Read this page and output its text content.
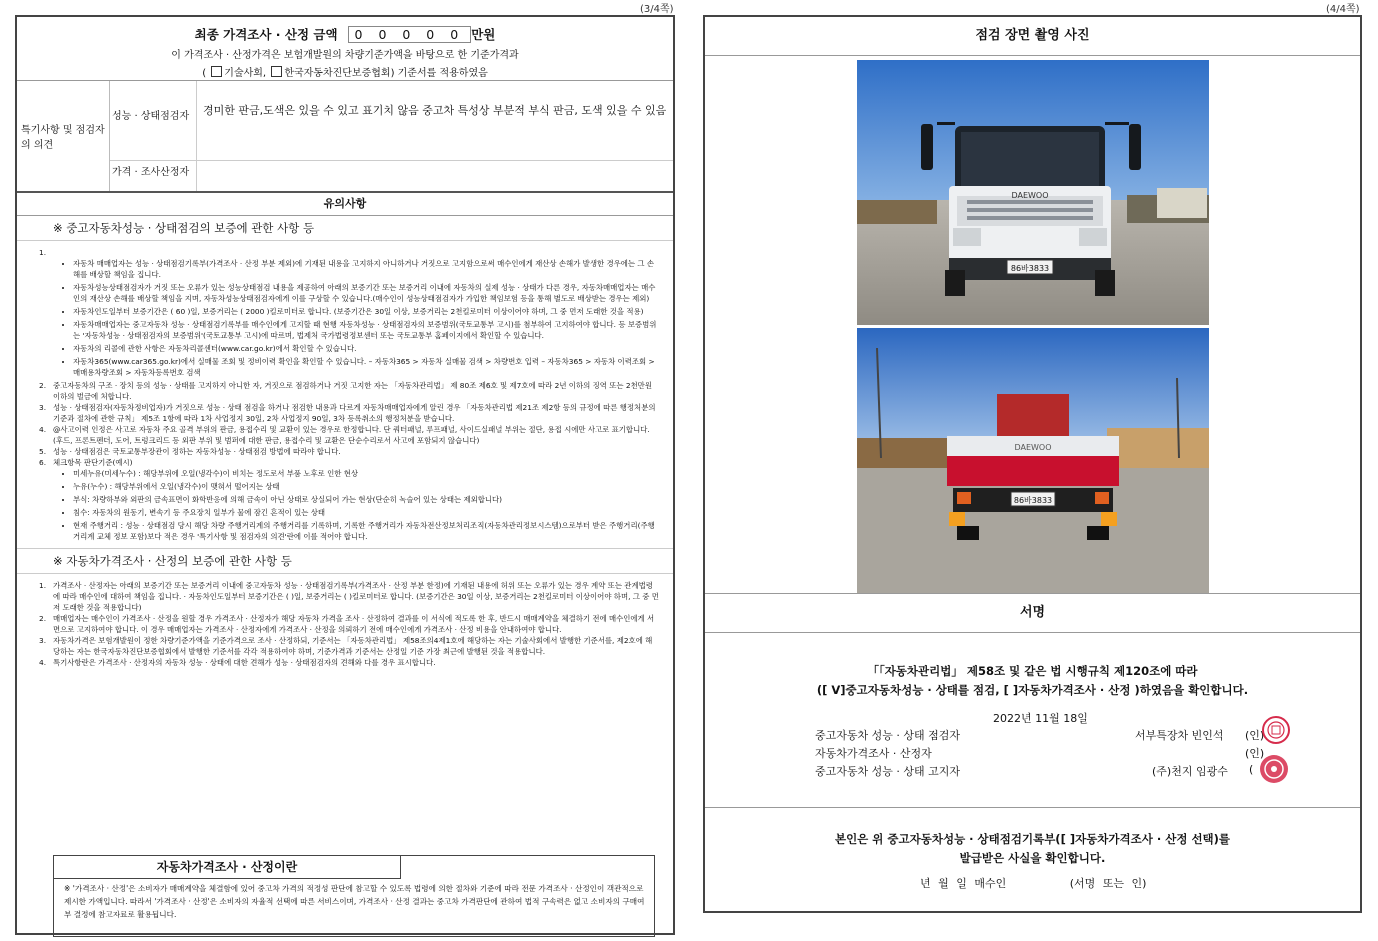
(3/4쪽)	(4/4쪽)
최종 가격조사 · 산정 금액	0 0 0 0 0 만원
이 가격조사 · 산정가격은 보험개발원의 차량기준가액을 바탕으로 한 기준가격과
( 기술사회, 한국자동차진단보증협회) 기준서를 적용하였음
특기사항 및 점검자의 의견
성능 · 상태점검자	경미한 판금,도색은 있을 수 있고 표기치 않음 중고차 특성상 부분적 부식 판금, 도색 있을 수 있음
가격 · 조사산정자
유의사항
※ 중고자동차성능 · 상태점검의 보증에 관한 사항 등
1.
• 자동차 매매업자는 성능 · 상태점검기록부(가격조사 · 산정 부분 제외)에 기재된 내용을 고지하지 아니하거나 거짓으로 고지함으로써 매수인에게 재산상 손해가 발생한 경우에는 그 손해를 배상할 책임을 집니다.
• 자동차성능상태점검자가 거짓 또는 오류가 있는 성능상태점검 내용을 제공하여 아래의 보증기간 또는 보증거리 이내에 자동차의 실제 성능 · 상태가 다른 경우, 자동차매매업자는 매수인의 재산상 손해를 배상할 책임을 지며, 자동차성능상태점검자에게 이를 구상할 수 있습니다.(매수인이 성능상태점검자가 가입한 책임보험 등을 통해 별도로 배상받는 경우는 제외)
• 자동차인도일부터 보증기간은 ( 60 )일, 보증거리는 ( 2000 )킬로미터로 합니다. (보증기간은 30일 이상, 보증거리는 2천킬로미터 이상이어야 하며, 그 중 먼저 도래한 것을 적용)
• 자동차매매업자는 중고자동차 성능 · 상태점검기록부를 매수인에게 고지할 때 현행 자동차성능 · 상태점검자의 보증범위(국토교통부 고시)를 첨부하여 고지하여야 합니다. 등 보증범위는 '자동차성능 · 상태점검자의 보증범위'(국토교통부 고시)에 따르며, 법제처 국가법령정보센터 또는 국토교통부 홈페이지에서 확인할 수 있습니다.
• 자동차의 리콜에 관한 사항은 자동차리콜센터(www.car.go.kr)에서 확인할 수 있습니다.
• 자동차365(www.car365.go.kr)에서 실매물 조회 및 정비이력 확인을 확인할 수 있습니다. – 자동차365 > 자동차 실매물 검색 > 차량번호 입력 – 자동차365 > 자동차 이력조회 > 매매용차량조회 > 자동차등록번호 검색
2. 중고자동차의 구조 · 장치 등의 성능 · 상태를 고지하지 아니한 자, 거짓으로 점검하거나 거짓 고지한 자는 「자동차관리법」 제 80조 제6호 및 제7호에 따라 2년 이하의 징역 또는 2천만원 이하의 벌금에 처합니다.
3. 성능 · 상태점검자(자동차정비업자)가 거짓으로 성능 · 상태 점검을 하거나 점검한 내용과 다르게 자동차매매업자에게 알린 경우 「자동차관리법 제21조 제2항 등의 규정에 따른 행정처분의 기준과 절차에 관한 규칙」 제5조 1항에 따라 1차 사업정지 30일, 2차 사업정지 90일, 3차 등록취소의 행정처분을 받습니다.
4. @사고이력 인정은 사고로 자동차 주요 골격 부위의 판금, 용접수리 및 교환이 있는 경우로 한정합니다. 단 쿼터패널, 루프패널, 사이드실패널 부위는 절단, 용접 시에만 사고로 표기합니다. (후드, 프론트펜더, 도어, 트렁크리드 등 외판 부위 및 범퍼에 대한 판금, 용접수리 및 교환은 단순수리로서 사고에 포함되지 않습니다)
5. 성능 · 상태점검은 국토교통부장관이 정하는 자동차성능 · 상태점검 방법에 따라야 합니다.
6. 체크항목 판단기준(예시)
• 미세누유(미세누수) : 해당부위에 오일(냉각수)이 비치는 정도로서 부품 노후로 인한 현상
• 누유(누수) : 해당부위에서 오일(냉각수)이 맺혀서 떨어지는 상태
• 부식: 차량하부와 외판의 금속표면이 화학반응에 의해 금속이 아닌 상태로 상실되어 가는 현상(단순히 녹슬어 있는 상태는 제외합니다)
• 침수: 자동차의 원동기, 변속기 등 주요장치 일부가 물에 잠긴 흔적이 있는 상태
• 현재 주행거리 : 성능 · 상태점검 당시 해당 차량 주행거리계의 주행거리를 기록하며, 기록한 주행거리가 자동차전산정보처리조직(자동차관리정보시스템)으로부터 받은 주행거리(주행거리계 교체 정보 포함)보다 적은 경우 '특기사항 및 점검자의 의견'란에 이를 적어야 합니다.
※ 자동차가격조사 · 산정의 보증에 관한 사항 등
1. 가격조사 · 산정자는 아래의 보증기간 또는 보증거리 이내에 중고자동차 성능 · 상태점검기록부(가격조사 · 산정 부분 한정)에 기재된 내용에 허위 또는 오류가 있는 경우 계약 또는 관계법령에 따라 매수인에 대하여 책임을 집니다. · 자동차인도일부터 보증기간은 ( )일, 보증거리는 ( )킬로미터로 합니다. (보증기간은 30일 이상, 보증거리는 2천킬로미터 이상이어야 하며, 그 중 먼저 도래한 것을 적용합니다)
2. 매매업자는 매수인이 가격조사 · 산정을 원할 경우 가격조사 · 산정자가 해당 자동차 가격을 조사 · 산정하여 결과를 이 서식에 적도록 한 후, 반드시 매매계약을 체결하기 전에 매수인에게 서면으로 고지하여야 합니다. 이 경우 매매업자는 가격조사 · 산정자에게 가격조사 · 산정을 의뢰하기 전에 매수인에게 가격조사 · 산정 비용을 안내하여야 합니다.
3. 자동차가격은 보험개발원이 정한 차량기준가액을 기준가격으로 조사 · 산정하되, 기준서는 「자동차관리법」 제58조의4제1호에 해당하는 자는 기술사회에서 발행한 기준서를, 제2호에 해당하는 자는 한국자동차진단보증협회에서 발행한 기준서를 각각 적용하여야 하며, 기준가격과 기준서는 산정일 기준 가장 최근에 발행된 것을 적용합니다.
4. 특기사항란은 가격조사 · 산정자의 자동차 성능 · 상태에 대한 견해가 성능 · 상태점검자의 견해와 다를 경우 표시합니다.
자동차가격조사 · 산정이란
※ '가격조사 · 산정'은 소비자가 매매계약을 체결함에 있어 중고차 가격의 적정성 판단에 참고할 수 있도록 법령에 의한 절차와 기준에 따라 전문 가격조사 · 산정인이 객관적으로 제시한 가액입니다. 따라서 '가격조사 · 산정'은 소비자의 자율적 선택에 따른 서비스이며, 가격조사 · 산정 결과는 중고차 가격판단에 관하여 법적 구속력은 없고 소비자의 구매여부 결정에 참고자료로 활용됩니다.
점검 장면 촬영 사진
DAEWOO
86바3833
DAEWOO
86바3833
서명
「「자동차관리법」 제58조 및 같은 법 시행규칙 제120조에 따라
([ V]중고자동차성능 · 상태를 점검, [ ]자동차가격조사 · 산정 )하였음을 확인합니다.
2022년 11월 18일
중고자동차 성능 · 상태 점검자	서부특장차 빈인석 (인)
자동차가격조사 · 산정자	(인)
중고자동차 성능 · 상태 고지자	(주)천지 임광수 (
본인은 위 중고자동차성능 · 상태점검기록부([ ]자동차가격조사 · 산정 선택)를
발급받은 사실을 확인합니다.
년 월 일 매수인	(서명 또는 인)
